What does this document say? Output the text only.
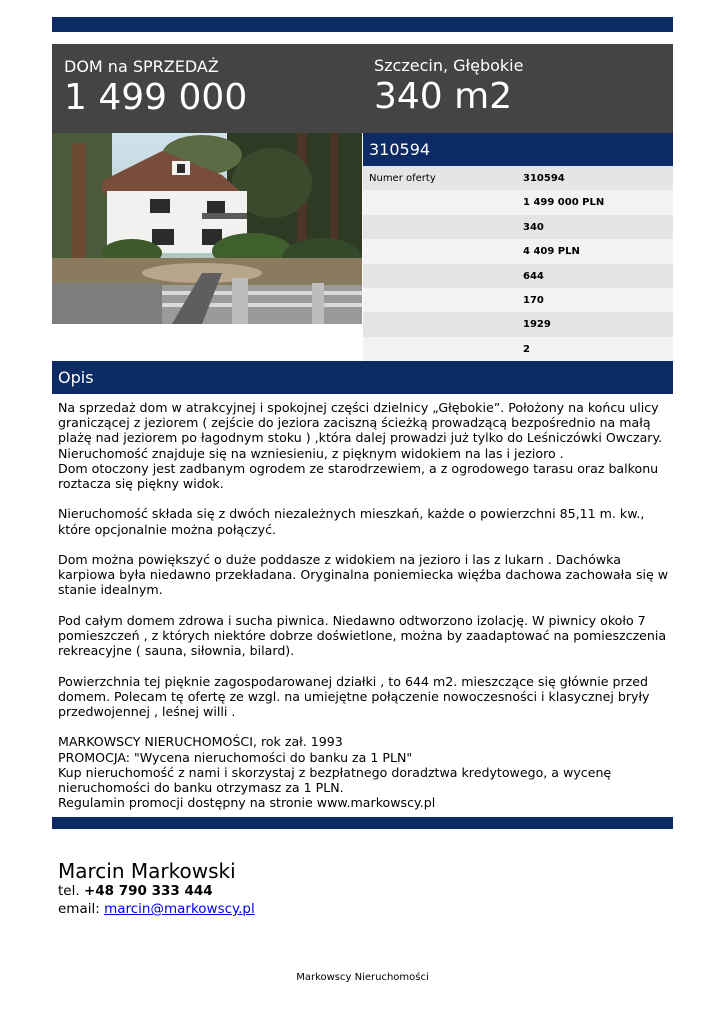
DOM na SPRZEDAŻ
1 499 000
Szczecin, Głębokie
340 m2
310594
Numer oferty	310594
1 499 000 PLN
340
4 409 PLN
644
170
1929
2
Opis

Na sprzedaż dom w atrakcyjnej i spokojnej części dzielnicy „Głębokie”. Położony na końcu ulicy graniczącej z jeziorem ( zejście do jeziora zaciszną ścieżką prowadzącą bezpośrednio na małą plażę nad jeziorem po łagodnym stoku ) ,która dalej prowadzi już tylko do Leśniczówki Owczary. Nieruchomość znajduje się na wzniesieniu, z pięknym widokiem na las i jezioro .
Dom otoczony jest zadbanym ogrodem ze starodrzewiem, a z ogrodowego tarasu oraz balkonu roztacza się piękny widok.

Nieruchomość składa się z dwóch niezależnych mieszkań, każde o powierzchni 85,11 m. kw., które opcjonalnie można połączyć.

Dom można powiększyć o duże poddasze z widokiem na jezioro i las z lukarn . Dachówka karpiowa była niedawno przekładana. Oryginalna poniemiecka więźba dachowa zachowała się w stanie idealnym.

Pod całym domem zdrowa i sucha piwnica. Niedawno odtworzono izolację. W piwnicy około 7 pomieszczeń , z których niektóre dobrze doświetlone, można by zaadaptować na pomieszczenia rekreacyjne ( sauna, siłownia, bilard).

Powierzchnia tej pięknie zagospodarowanej działki , to 644 m2. mieszczące się głównie przed domem. Polecam tę ofertę ze wzgl. na umiejętne połączenie nowoczesności i klasycznej bryły przedwojennej , leśnej willi .

MARKOWSCY NIERUCHOMOŚCI, rok zał. 1993
PROMOCJA: "Wycena nieruchomości do banku za 1 PLN"
Kup nieruchomość z nami i skorzystaj z bezpłatnego doradztwa kredytowego, a wycenę nieruchomości do banku otrzymasz za 1 PLN.
Regulamin promocji dostępny na stronie www.markowscy.pl

Marcin Markowski
tel. +48 790 333 444
email: marcin@markowscy.pl
Markowscy Nieruchomości
